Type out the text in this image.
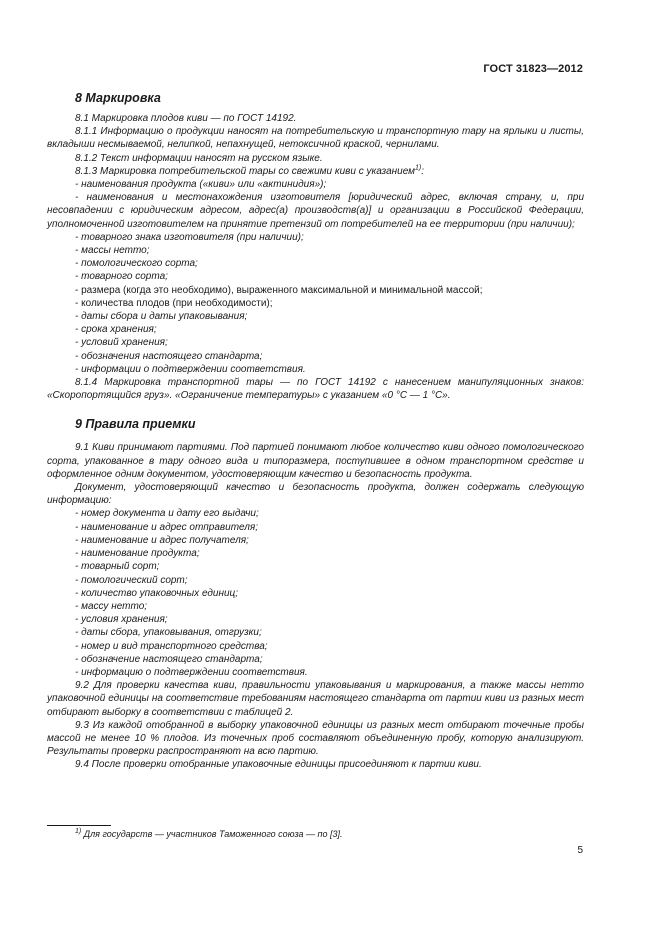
ГОСТ 31823—2012
8 Маркировка

8.1 Маркировка плодов киви — по ГОСТ 14192.

8.1.1 Информацию о продукции наносят на потребительскую и транспортную тару на ярлыки и листы, вкладыши несмываемой, нелипкой, непахнущей, нетоксичной краской, чернилами.

8.1.2 Текст информации наносят на русском языке.

8.1.3 Маркировка потребительской тары со свежими киви с указанием$^{1)}$:

- наименования продукта («киви» или «актинидия»);

- наименования и местонахождения изготовителя [юридический адрес, включая страну, и, при несовпадении с юридическим адресом, адрес(а) производств(а)] и организации в Российской Федерации, уполномоченной изготовителем на принятие претензий от потребителей на ее территории (при наличии);

- товарного знака изготовителя (при наличии);
- массы нетто;
- помологического сорта;
- товарного сорта;
- размера (когда это необходимо), выраженного максимальной и минимальной массой;
- количества плодов (при необходимости);
- даты сбора и даты упаковывания;
- срока хранения;
- условий хранения;
- обозначения настоящего стандарта;
- информации о подтверждении соответствия.

8.1.4 Маркировка транспортной тары — по ГОСТ 14192 с нанесением манипуляционных знаков: «Скоропортящийся груз». «Ограничение температуры» с указанием «0 °С — 1 °С».

9 Правила приемки

9.1 Киви принимают партиями. Под партией понимают любое количество киви одного помологического сорта, упакованное в тару одного вида и типоразмера, поступившее в одном транспортном средстве и оформленное одним документом, удостоверяющим качество и безопасность продукта.

Документ, удостоверяющий качество и безопасность продукта, должен содержать следующую информацию:

- номер документа и дату его выдачи;
- наименование и адрес отправителя;
- наименование и адрес получателя;
- наименование продукта;
- товарный сорт;
- помологический сорт;
- количество упаковочных единиц;
- массу нетто;
- условия хранения;
- даты сбора, упаковывания, отгрузки;
- номер и вид транспортного средства;
- обозначение настоящего стандарта;
- информацию о подтверждении соответствия.

9.2 Для проверки качества киви, правильности упаковывания и маркирования, а также массы нетто упаковочной единицы на соответствие требованиям настоящего стандарта от партии киви из разных мест отбирают выборку в соответствии с таблицей 2.

9.3 Из каждой отобранной в выборку упаковочной единицы из разных мест отбирают точечные пробы массой не менее 10 % плодов. Из точечных проб составляют объединенную пробу, которую анализируют. Результаты проверки распространяют на всю партию.

9.4 После проверки отобранные упаковочные единицы присоединяют к партии киви.

$^{1)}$ Для государств — участников Таможенного союза — по [3].
5
